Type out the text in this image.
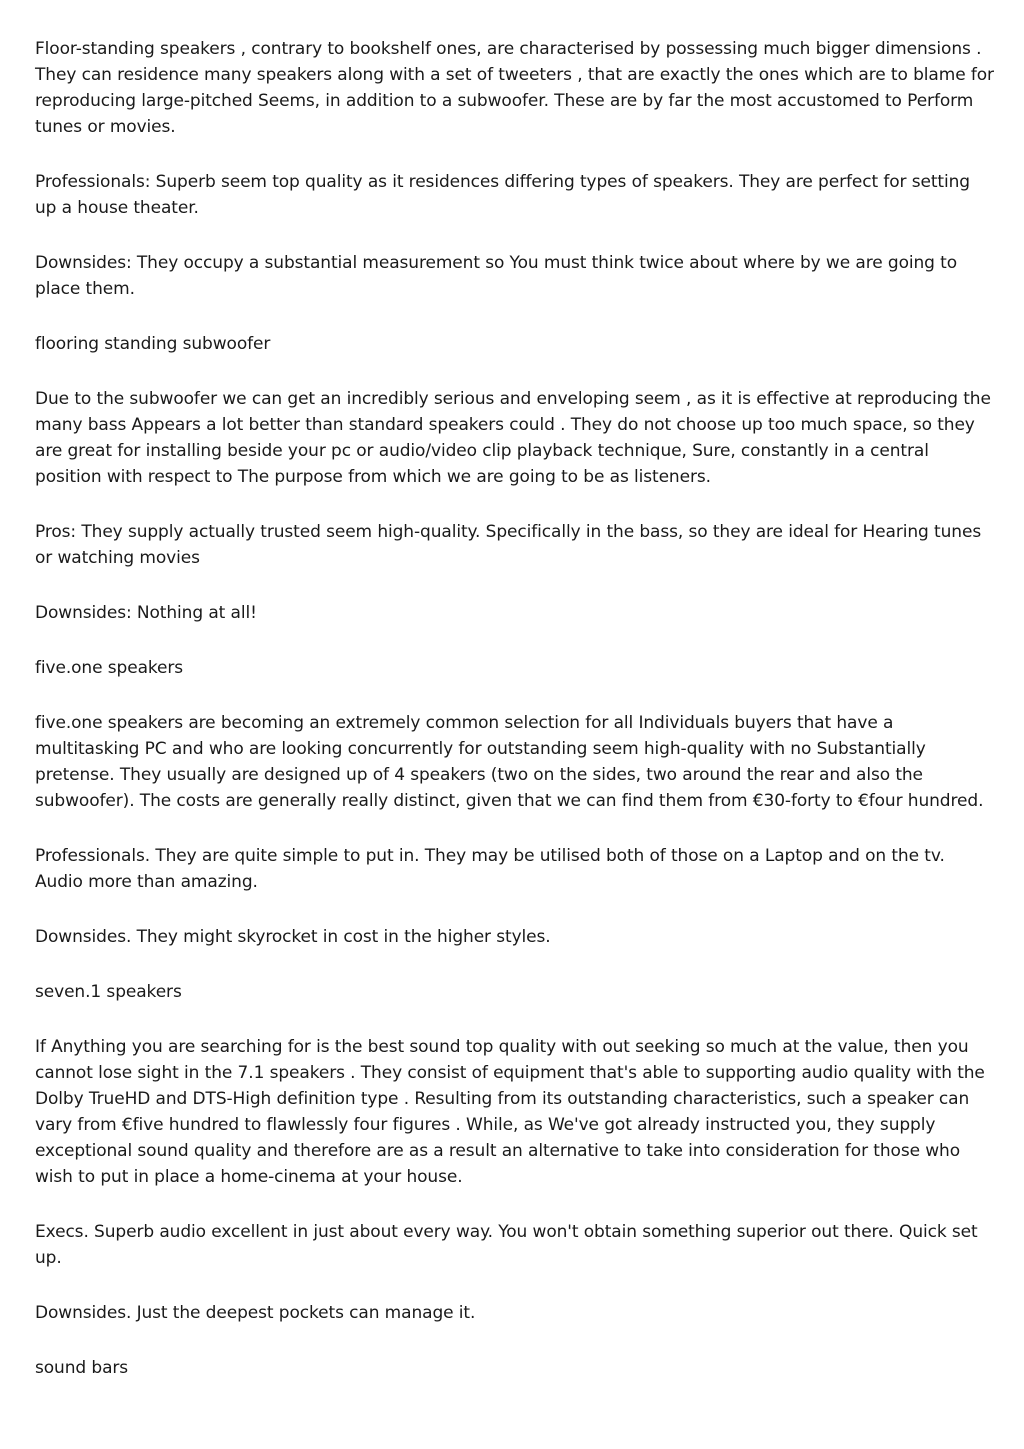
Floor-standing speakers , contrary to bookshelf ones, are characterised by possessing much bigger dimensions . They can residence many speakers along with a set of tweeters , that are exactly the ones which are to blame for reproducing large-pitched Seems, in addition to a subwoofer. These are by far the most accustomed to Perform tunes or movies.

Professionals: Superb seem top quality as it residences differing types of speakers. They are perfect for setting up a house theater.

Downsides: They occupy a substantial measurement so You must think twice about where by we are going to place them.

flooring standing subwoofer

Due to the subwoofer we can get an incredibly serious and enveloping seem , as it is effective at reproducing the many bass Appears a lot better than standard speakers could . They do not choose up too much space, so they are great for installing beside your pc or audio/video clip playback technique, Sure, constantly in a central position with respect to The purpose from which we are going to be as listeners.

Pros: They supply actually trusted seem high-quality. Specifically in the bass, so they are ideal for Hearing tunes or watching movies

Downsides: Nothing at all!

five.one speakers

five.one speakers are becoming an extremely common selection for all Individuals buyers that have a multitasking PC and who are looking concurrently for outstanding seem high-quality with no Substantially pretense. They usually are designed up of 4 speakers (two on the sides, two around the rear and also the subwoofer). The costs are generally really distinct, given that we can find them from €30-forty to €four hundred.

Professionals. They are quite simple to put in. They may be utilised both of those on a Laptop and on the tv. Audio more than amazing.

Downsides. They might skyrocket in cost in the higher styles.

seven.1 speakers

If Anything you are searching for is the best sound top quality with out seeking so much at the value, then you cannot lose sight in the 7.1 speakers . They consist of equipment that's able to supporting audio quality with the Dolby TrueHD and DTS-High definition type . Resulting from its outstanding characteristics, such a speaker can vary from €five hundred to flawlessly four figures . While, as We've got already instructed you, they supply exceptional sound quality and therefore are as a result an alternative to take into consideration for those who wish to put in place a home-cinema at your house.

Execs. Superb audio excellent in just about every way. You won't obtain something superior out there. Quick set up.

Downsides. Just the deepest pockets can manage it.

sound bars
